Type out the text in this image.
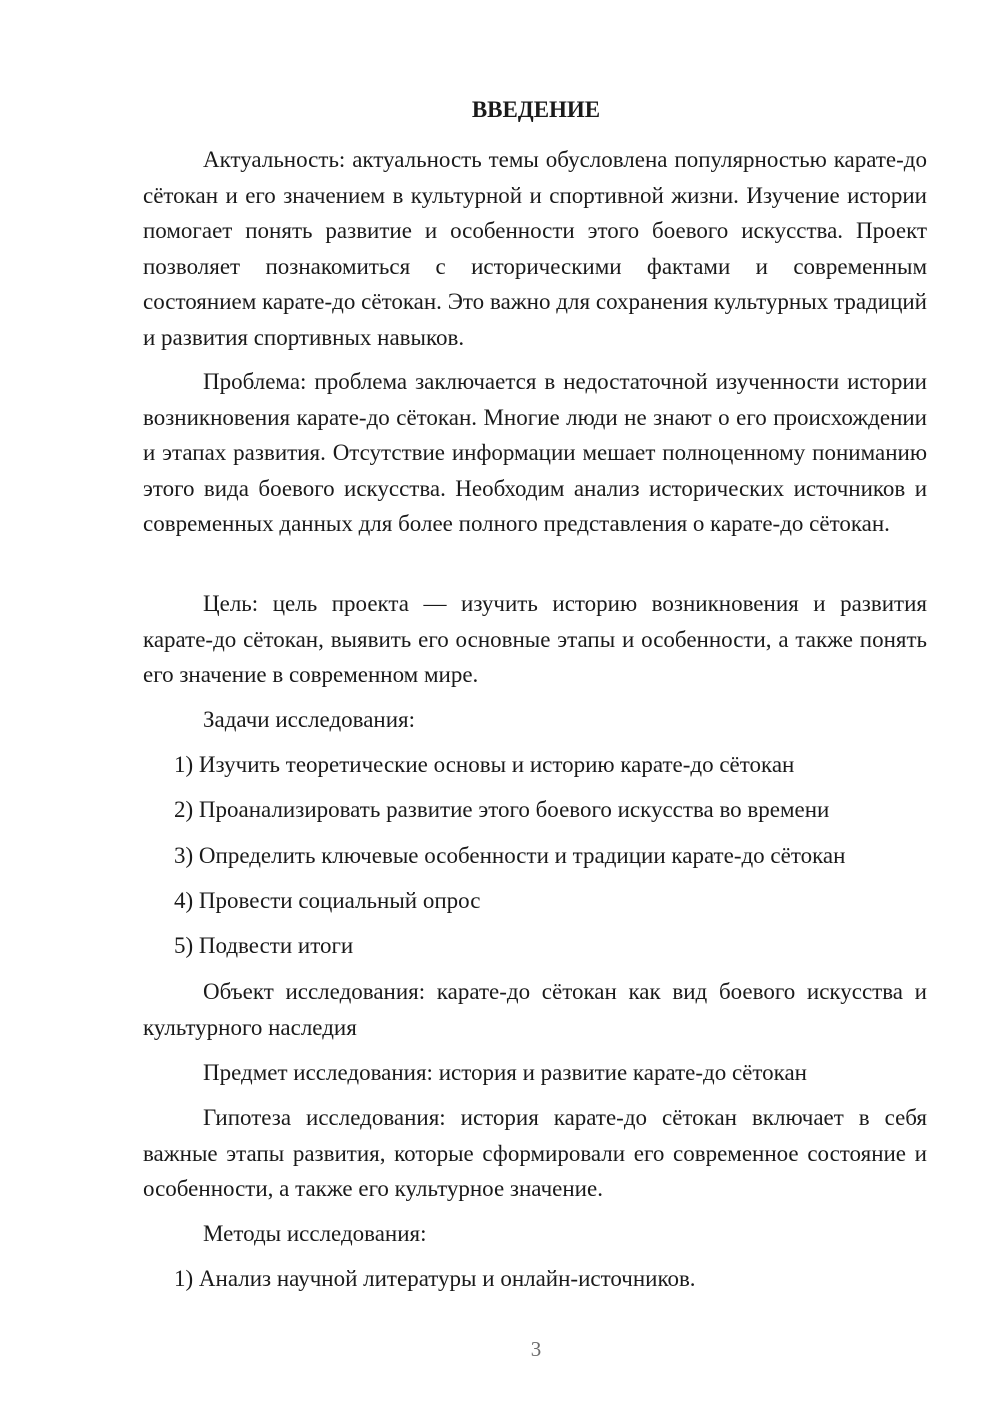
ВВЕДЕНИЕ

Актуальность: актуальность темы обусловлена популярностью карате-до сётокан и его значением в культурной и спортивной жизни. Изучение истории помогает понять развитие и особенности этого боевого искусства. Проект позволяет познакомиться с историческими фактами и современным состоянием карате-до сётокан. Это важно для сохранения культурных традиций и развития спортивных навыков.

Проблема: проблема заключается в недостаточной изученности истории возникновения карате-до сётокан. Многие люди не знают о его происхождении и этапах развития. Отсутствие информации мешает полноценному пониманию этого вида боевого искусства. Необходим анализ исторических источников и современных данных для более полного представления о карате-до сётокан.

Цель: цель проекта — изучить историю возникновения и развития карате-до сётокан, выявить его основные этапы и особенности, а также понять его значение в современном мире.

Задачи исследования:
1) Изучить теоретические основы и историю карате-до сётокан
2) Проанализировать развитие этого боевого искусства во времени
3) Определить ключевые особенности и традиции карате-до сётокан
4) Провести социальный опрос
5) Подвести итоги

Объект исследования: карате-до сётокан как вид боевого искусства и культурного наследия

Предмет исследования: история и развитие карате-до сётокан

Гипотеза исследования: история карате-до сётокан включает в себя важные этапы развития, которые сформировали его современное состояние и особенности, а также его культурное значение.

Методы исследования:
1) Анализ научной литературы и онлайн-источников.
3
